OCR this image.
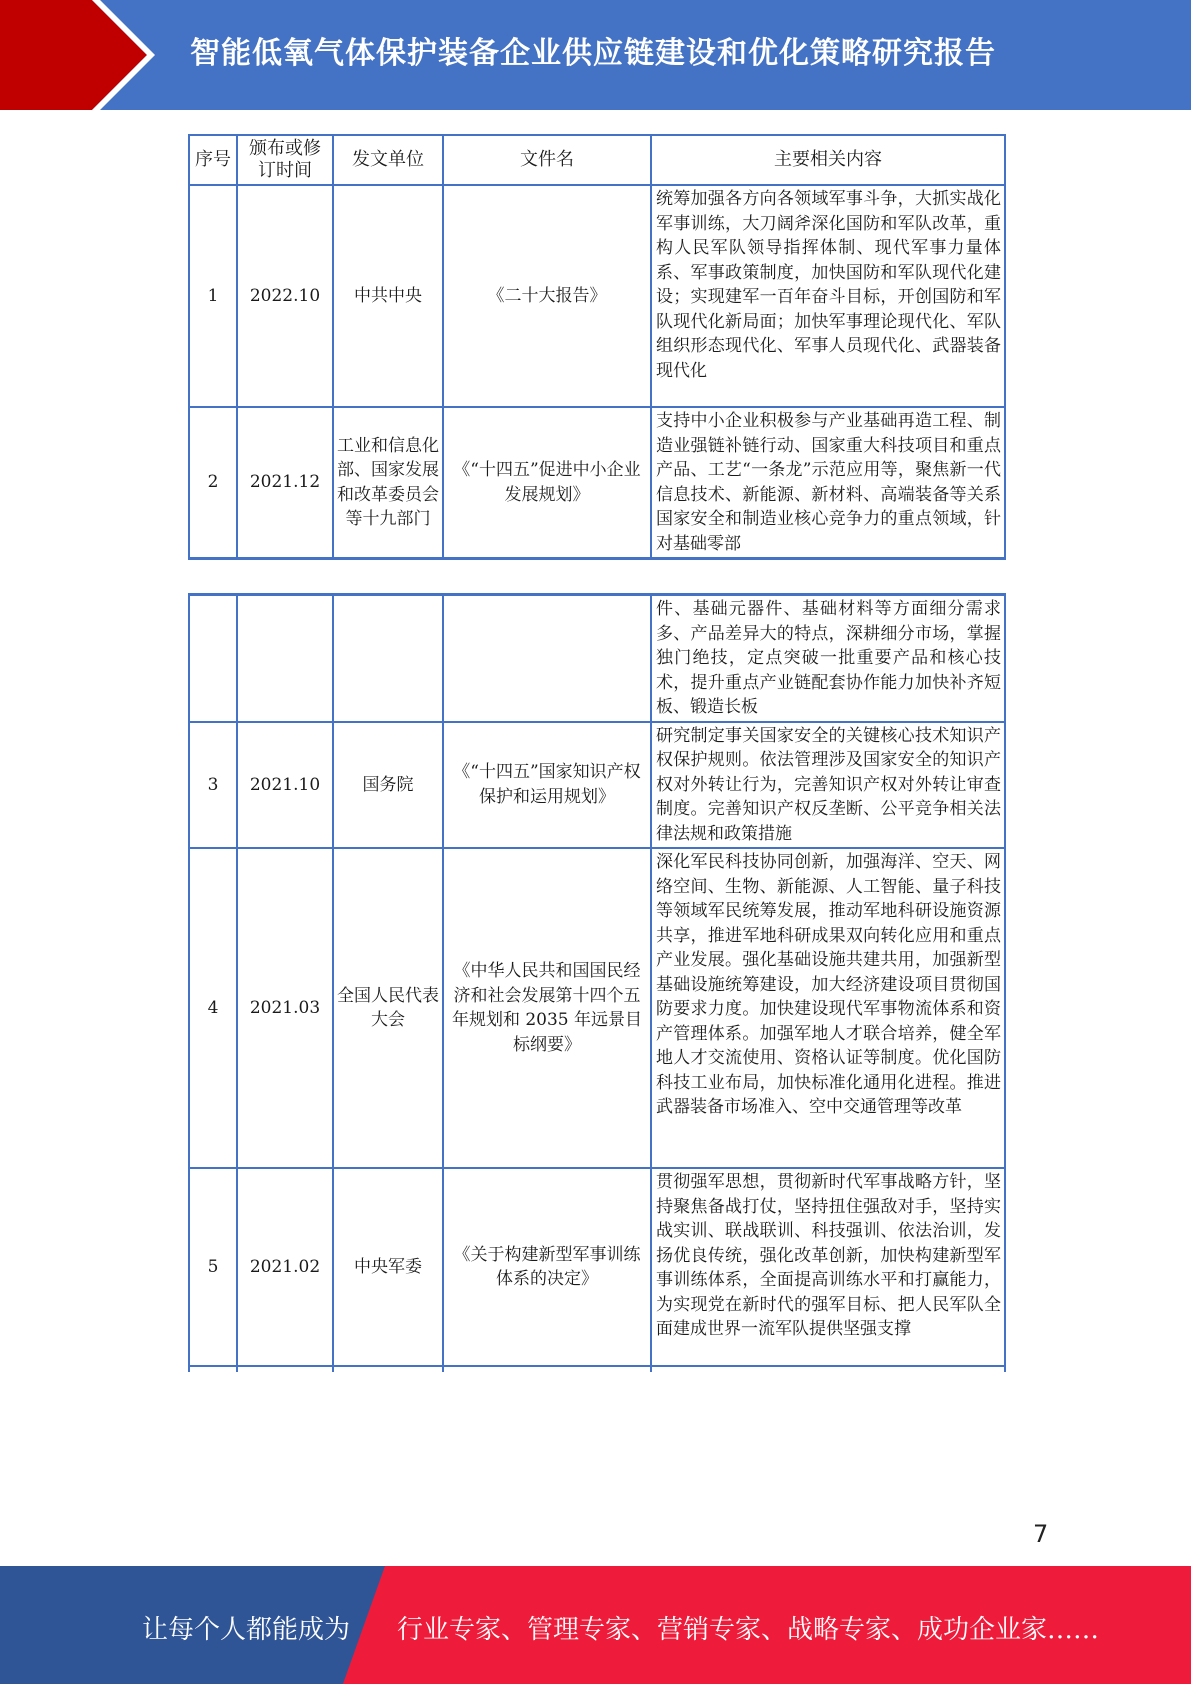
智能低氧气体保护装备企业供应链建设和优化策略研究报告
序号	颁布或修订时间	发文单位	文件名	主要相关内容
1	2022.10	中共中央	《二十大报告》	统筹加强各方向各领域军事斗争，大抓实战化军事训练，大刀阔斧深化国防和军队改革，重构人民军队领导指挥体制、现代军事力量体系、军事政策制度，加快国防和军队现代化建设；实现建军一百年奋斗目标，开创国防和军队现代化新局面；加快军事理论现代化、军队组织形态现代化、军事人员现代化、武器装备现代化
2	2021.12	工业和信息化部、国家发展和改革委员会等十九部门	《“十四五”促进中小企业发展规划》	支持中小企业积极参与产业基础再造工程、制造业强链补链行动、国家重大科技项目和重点产品、工艺“一条龙”示范应用等，聚焦新一代信息技术、新能源、新材料、高端装备等关系国家安全和制造业核心竞争力的重点领域，针对基础零部
				件、基础元器件、基础材料等方面细分需求多、产品差异大的特点，深耕细分市场，掌握独门绝技，定点突破一批重要产品和核心技术，提升重点产业链配套协作能力加快补齐短板、锻造长板
3	2021.10	国务院	《“十四五”国家知识产权保护和运用规划》	研究制定事关国家安全的关键核心技术知识产权保护规则。依法管理涉及国家安全的知识产权对外转让行为，完善知识产权对外转让审查制度。完善知识产权反垄断、公平竞争相关法律法规和政策措施
4	2021.03	全国人民代表大会	《中华人民共和国国民经济和社会发展第十四个五年规划和 2035 年远景目标纲要》	深化军民科技协同创新，加强海洋、空天、网络空间、生物、新能源、人工智能、量子科技等领域军民统筹发展，推动军地科研设施资源共享，推进军地科研成果双向转化应用和重点产业发展。强化基础设施共建共用，加强新型基础设施统筹建设，加大经济建设项目贯彻国防要求力度。加快建设现代军事物流体系和资产管理体系。加强军地人才联合培养，健全军地人才交流使用、资格认证等制度。优化国防科技工业布局，加快标准化通用化进程。推进武器装备市场准入、空中交通管理等改革
5	2021.02	中央军委	《关于构建新型军事训练体系的决定》	贯彻强军思想，贯彻新时代军事战略方针，坚持聚焦备战打仗，坚持扭住强敌对手，坚持实战实训、联战联训、科技强训、依法治训，发扬优良传统，强化改革创新，加快构建新型军事训练体系，全面提高训练水平和打赢能力，为实现党在新时代的强军目标、把人民军队全面建成世界一流军队提供坚强支撑

7
让每个人都能成为 行业专家、管理专家、营销专家、战略专家、成功企业家……
